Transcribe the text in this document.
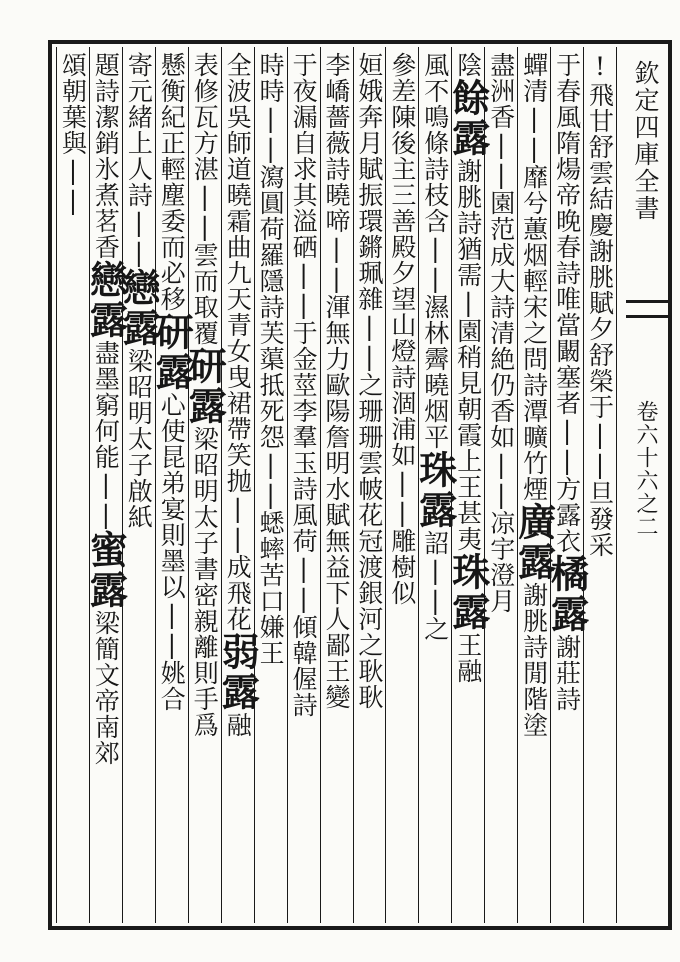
欽定四庫全書
卷六十六之二
!飛甘舒雲結慶謝朓賦夕舒榮于||旦發采
于春風隋煬帝晚春詩唯當闞塞者||方露衣橘露謝莊詩
蟬清||靡兮蕙烟輕宋之問詩潭曠竹煙廣露謝朓詩閒階塗
盡洲香||園范成大詩清絶仍香如||凉宇澄月
陰餘露謝朓詩猶需|園稍見朝霞上王甚夷珠露王融
風不鳴條詩枝含||濕林霽曉烟平珠露詔||之
參差陳後主三善殿夕望山燈詩涸浦如||雕樹似
姮娥奔月賦振環鏘珮雜||之珊珊雲帔花冠渡銀河之耿耿
李嶠薔薇詩曉啼||渾無力歐陽詹明水賦無益下人鄙王變
于夜漏自求其溢硒||于金莖李羣玉詩風荷||傾韓偓詩
時時||瀉圓荷羅隱詩芙蕖抵死怨||蟋蟀苦口嫌王
全波吳師道曉霜曲九天青女曳裙帶笑抛||成飛花弱露融
表修瓦方湛||雲而取覆研露梁昭明太子書密親離則手爲
懸衡紀正輕塵委而必移研露心使昆弟宴則墨以||姚合
寄元緒上人詩||戀露梁昭明太子啟紙
題詩潔銷氷煮茗香戀露盡墨窮何能||蜜露梁簡文帝南郊
頌朝葉與||
